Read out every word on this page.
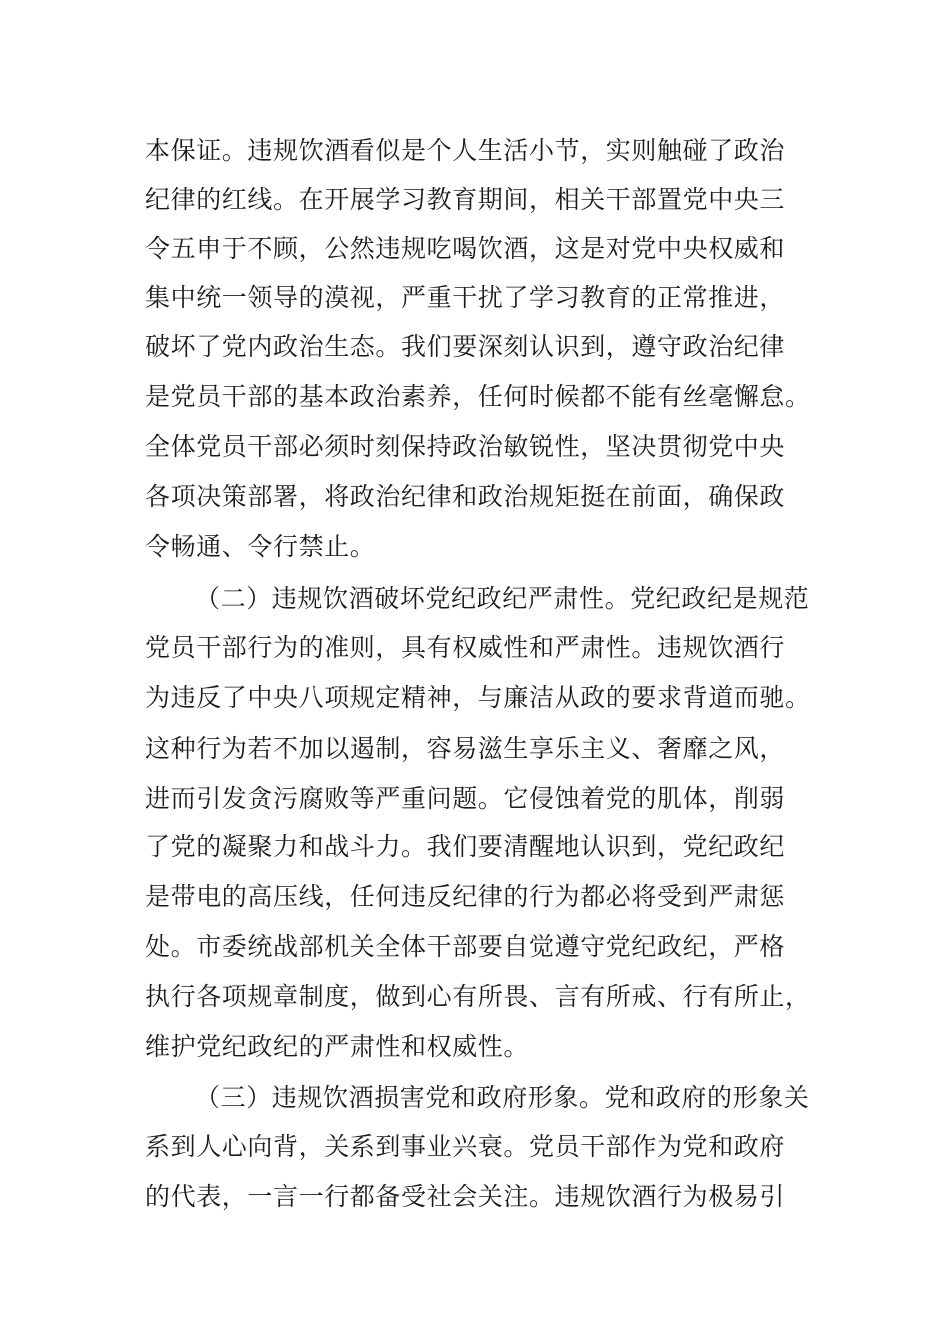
本保证。违规饮酒看似是个人生活小节，实则触碰了政治
纪律的红线。在开展学习教育期间，相关干部置党中央三
令五申于不顾，公然违规吃喝饮酒，这是对党中央权威和
集中统一领导的漠视，严重干扰了学习教育的正常推进，
破坏了党内政治生态。我们要深刻认识到，遵守政治纪律
是党员干部的基本政治素养，任何时候都不能有丝毫懈怠。
全体党员干部必须时刻保持政治敏锐性，坚决贯彻党中央
各项决策部署，将政治纪律和政治规矩挺在前面，确保政
令畅通、令行禁止。
（二）违规饮酒破坏党纪政纪严肃性。党纪政纪是规范
党员干部行为的准则，具有权威性和严肃性。违规饮酒行
为违反了中央八项规定精神，与廉洁从政的要求背道而驰。
这种行为若不加以遏制，容易滋生享乐主义、奢靡之风，
进而引发贪污腐败等严重问题。它侵蚀着党的肌体，削弱
了党的凝聚力和战斗力。我们要清醒地认识到，党纪政纪
是带电的高压线，任何违反纪律的行为都必将受到严肃惩
处。市委统战部机关全体干部要自觉遵守党纪政纪，严格
执行各项规章制度，做到心有所畏、言有所戒、行有所止，
维护党纪政纪的严肃性和权威性。
（三）违规饮酒损害党和政府形象。党和政府的形象关
系到人心向背，关系到事业兴衰。党员干部作为党和政府
的代表，一言一行都备受社会关注。违规饮酒行为极易引
